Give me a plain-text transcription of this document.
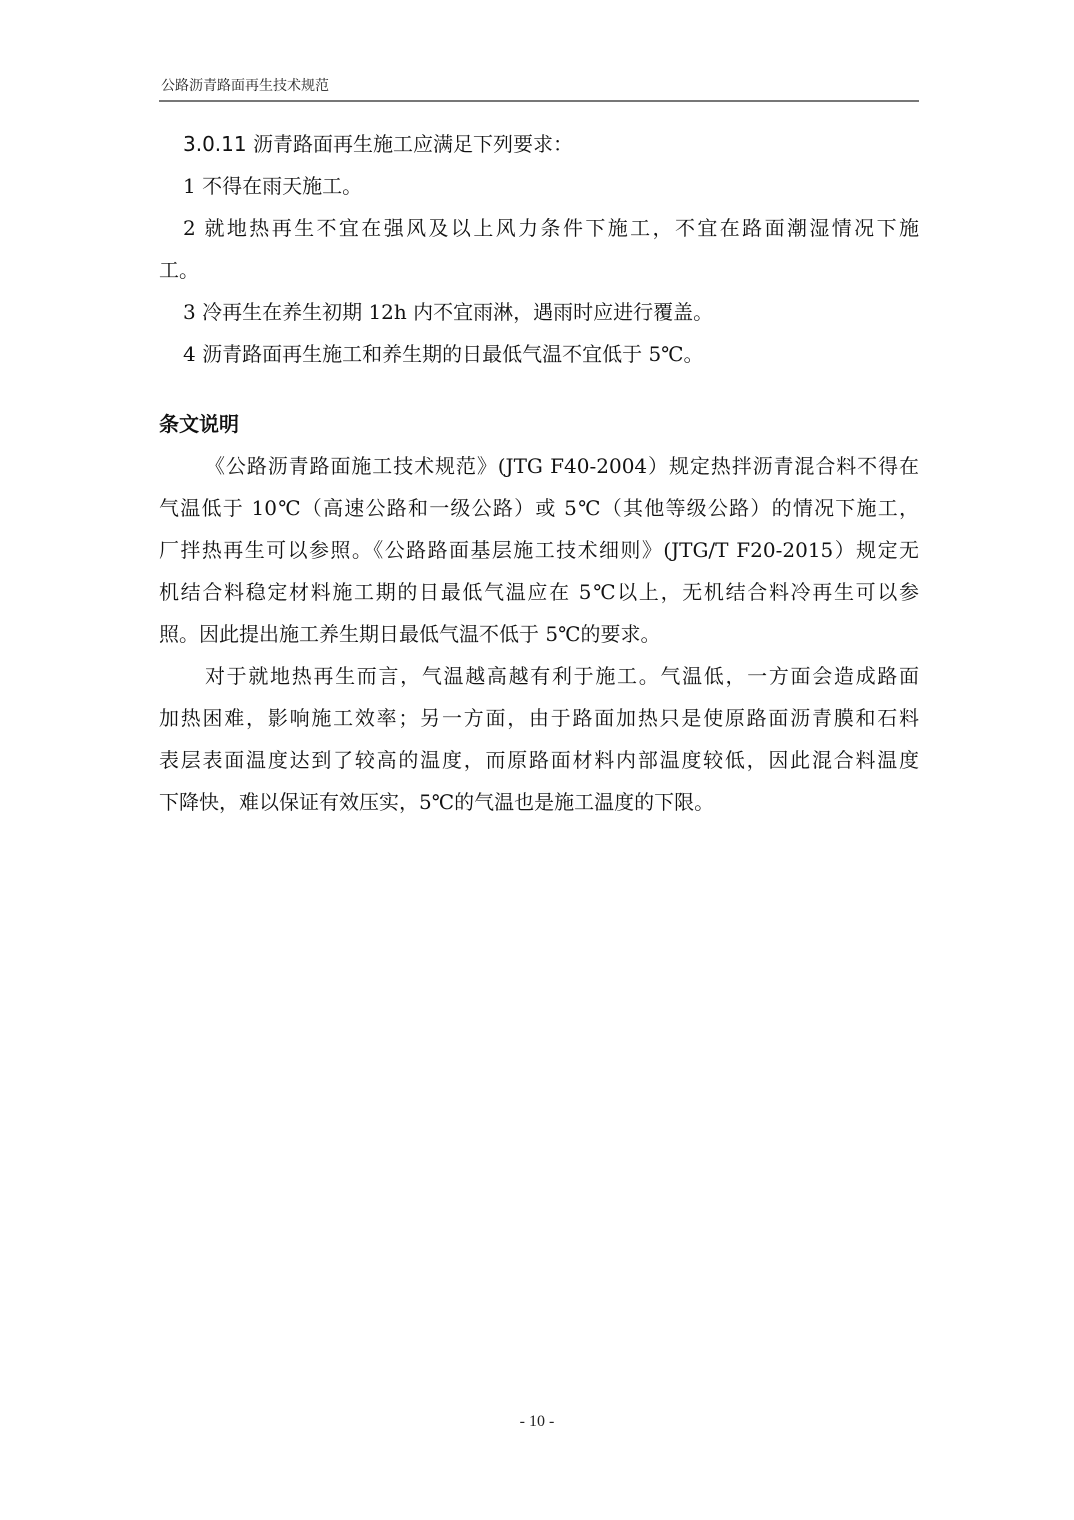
公路沥青路面再生技术规范
3.0.11 沥青路面再生施工应满足下列要求：
1 不得在雨天施工。
2 就地热再生不宜在强风及以上风力条件下施工，不宜在路面潮湿情况下施
工。
3 冷再生在养生初期 12h 内不宜雨淋，遇雨时应进行覆盖。
4 沥青路面再生施工和养生期的日最低气温不宜低于 5℃。
条文说明
《公路沥青路面施工技术规范》(JTG F40-2004）规定热拌沥青混合料不得在
气温低于 10℃（高速公路和一级公路）或 5℃（其他等级公路）的情况下施工，
厂拌热再生可以参照。《公路路面基层施工技术细则》(JTG/T F20-2015）规定无
机结合料稳定材料施工期的日最低气温应在 5℃以上，无机结合料冷再生可以参
照。因此提出施工养生期日最低气温不低于 5℃的要求。
对于就地热再生而言，气温越高越有利于施工。气温低，一方面会造成路面
加热困难，影响施工效率；另一方面，由于路面加热只是使原路面沥青膜和石料
表层表面温度达到了较高的温度，而原路面材料内部温度较低，因此混合料温度
下降快，难以保证有效压实，5℃的气温也是施工温度的下限。
- 10 -
